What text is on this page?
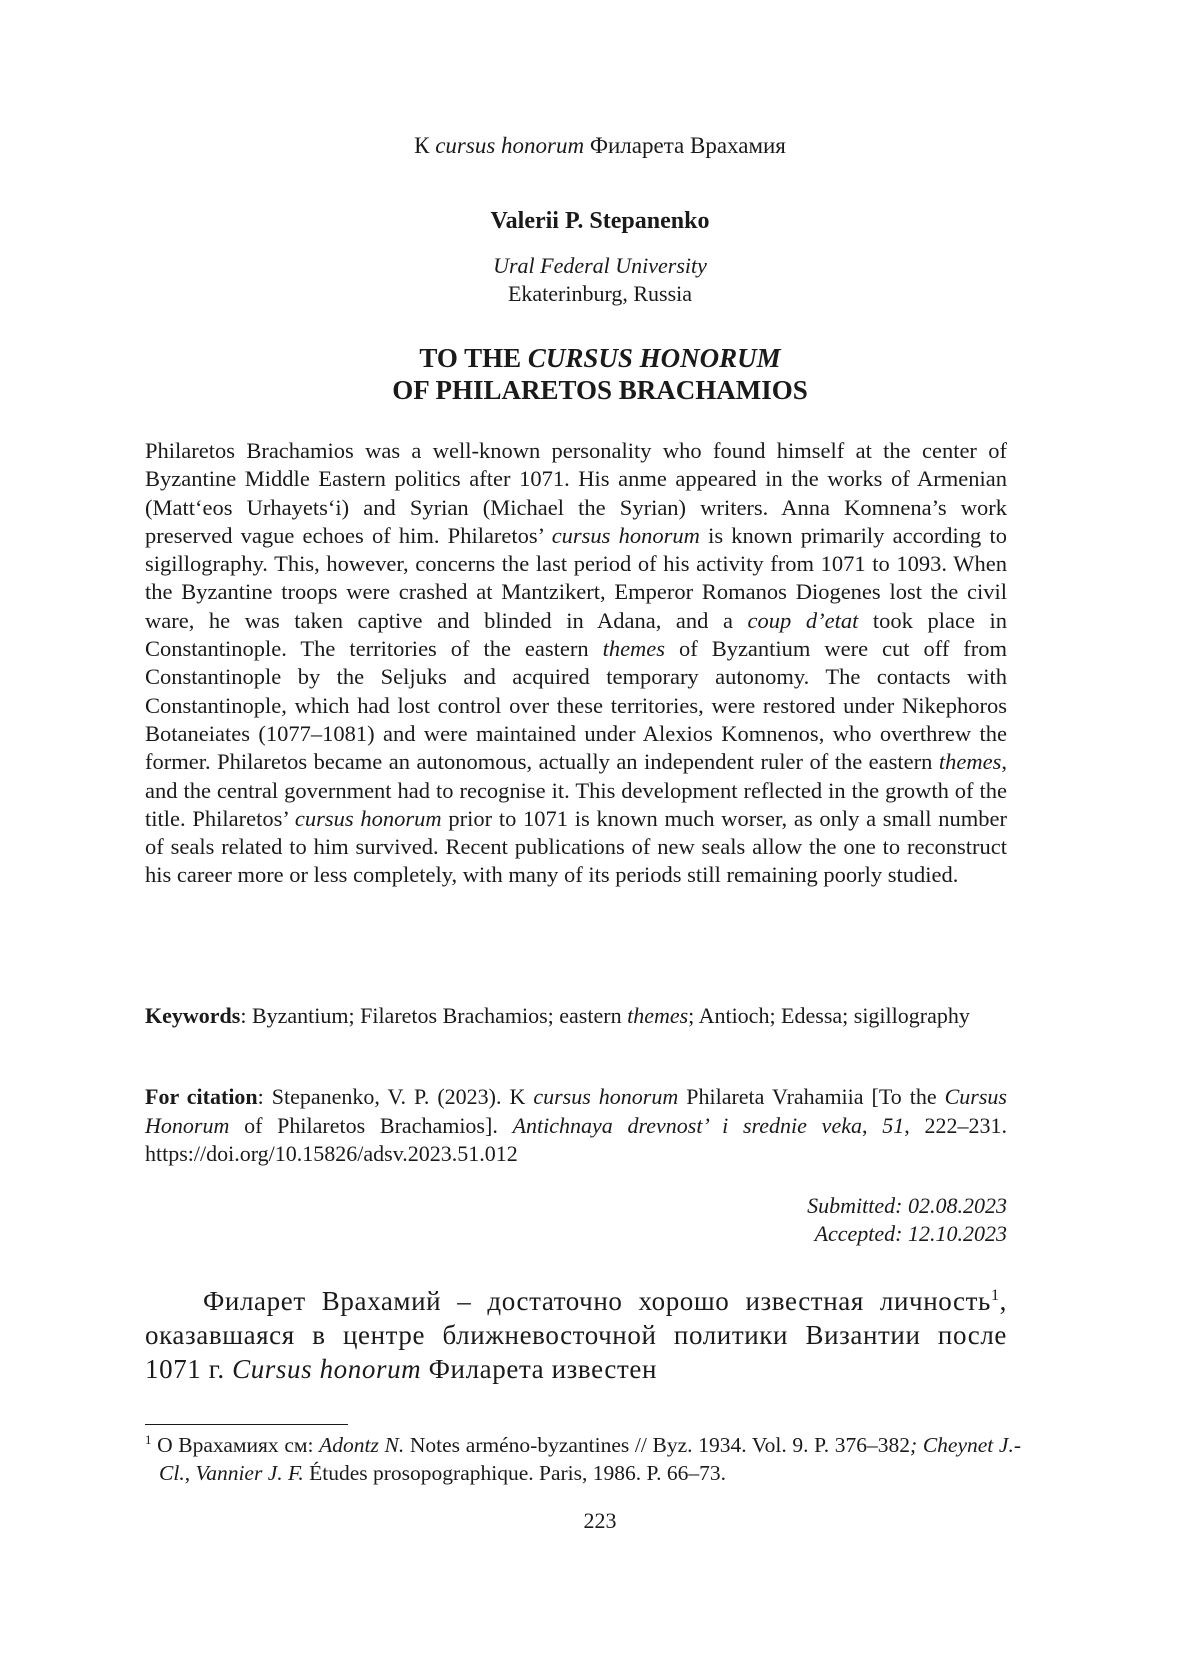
К cursus honorum Филарета Врахамия
Valerii P. Stepanenko
Ural Federal University
Ekaterinburg, Russia
TO THE CURSUS HONORUM
OF PHILARETOS BRACHAMIOS

Philaretos Brachamios was a well-known personality who found himself at the center of Byzantine Middle Eastern politics after 1071. His anme appeared in the works of Armenian (Matt‘eos Urhayets‘i) and Syrian (Michael the Syrian) writers. Anna Komnena’s work preserved vague echoes of him. Philaretos’ cursus honorum is known primarily according to sigillography. This, however, concerns the last period of his activity from 1071 to 1093. When the Byzantine troops were crashed at Mantzikert, Emperor Romanos Diogenes lost the civil ware, he was taken captive and blinded in Adana, and a coup d’etat took place in Constantinople. The territories of the eastern themes of Byzantium were cut off from Constantinople by the Seljuks and acquired temporary autonomy. The contacts with Constantinople, which had lost control over these territories, were restored under Nikephoros Botaneiates (1077–1081) and were maintained under Alexios Komnenos, who overthrew the former. Philaretos became an autonomous, actually an independent ruler of the eastern themes, and the central government had to recognise it. This development reflected in the growth of the title. Philaretos’ cursus honorum prior to 1071 is known much worser, as only a small number of seals related to him survived. Recent publications of new seals allow the one to reconstruct his career more or less completely, with many of its periods still remaining poorly studied.

Keywords: Byzantium; Filaretos Brachamios; eastern themes; Antioch; Edessa; sigillography

For citation: Stepanenko, V. P. (2023). K cursus honorum Philareta Vrahamiia [To the Cursus Honorum of Philaretos Brachamios]. Antichnaya drevnost’ i srednie veka, 51, 222–231. https://doi.org/10.15826/adsv.2023.51.012

Submitted: 02.08.2023
Accepted: 12.10.2023

Филарет Врахамий – достаточно хорошо известная личность$^1$, оказавшаяся в центре ближневосточной политики Византии после 1071 г. Cursus honorum Филарета известен

$^1$ О Врахамиях см: Adontz N. Notes arméno-byzantines // Byz. 1934. Vol. 9. P. 376–382; Cheynet J.-Cl., Vannier J. F. Études prosopographique. Paris, 1986. P. 66–73.

223
